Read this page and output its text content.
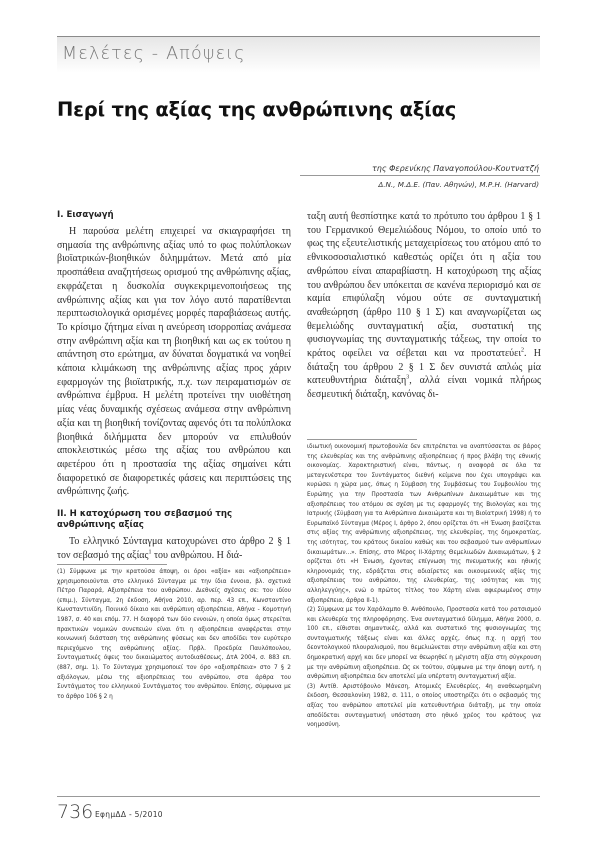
Μελέτες - Απόψεις
Περί της αξίας της ανθρώπινης αξίας
της Φερενίκης Παναγοπούλου-Κουτνατζή
Δ.Ν., Μ.Δ.Ε. (Παν. Αθηνών), Μ.Ρ.Η. (Harvard)
Ι. Εισαγωγή

Η παρούσα μελέτη επιχειρεί να σκιαγραφήσει τη σημασία της ανθρώπινης αξίας υπό το φως πολύπλοκων βιοϊατρικών-βιοηθικών διλημμάτων. Μετά από μία προσπάθεια αναζητήσεως ορισμού της ανθρώπινης αξίας, εκφράζεται η δυσκολία συγκεκριμενοποιήσεως της ανθρώπινης αξίας και για τον λόγο αυτό παρατίθενται περιπτωσιολογικά ορισμένες μορφές παραβιάσεως αυτής. Το κρίσιμο ζήτημα είναι η ανεύρεση ισορροπίας ανάμεσα στην ανθρώπινη αξία και τη βιοηθική και ως εκ τούτου η απάντηση στο ερώτημα, αν δύναται δογματικά να νοηθεί κάποια κλιμάκωση της ανθρώπινης αξίας προς χάριν εφαρμογών της βιοϊατρικής, π.χ. των πειραματισμών σε ανθρώπινα έμβρυα. Η μελέτη προτείνει την υιοθέτηση μίας νέας δυναμικής σχέσεως ανάμεσα στην ανθρώπινη αξία και τη βιοηθική τονίζοντας αφενός ότι τα πολύπλοκα βιοηθικά διλήμματα δεν μπορούν να επιλυθούν αποκλειστικώς μέσω της αξίας του ανθρώπου και αφετέρου ότι η προστασία της αξίας σημαίνει κάτι διαφορετικό σε διαφορετικές φάσεις και περιπτώσεις της ανθρώπινης ζωής.

ΙΙ. Η κατοχύρωση του σεβασμού της ανθρώπινης αξίας

Το ελληνικό Σύνταγμα κατοχυρώνει στο άρθρο 2 § 1 τον σεβασμό της αξίας$^1$ του ανθρώπου. Η διά-

ταξη αυτή θεσπίστηκε κατά το πρότυπο του άρθρου 1 § 1 του Γερμανικού Θεμελιώδους Νόμου, το οποίο υπό το φως της εξευτελιστικής μεταχειρίσεως του ατόμου από το εθνικοσοσιαλιστικό καθεστώς ορίζει ότι η αξία του ανθρώπου είναι απαραβίαστη. Η κατοχύρωση της αξίας του ανθρώπου δεν υπόκειται σε κανένα περιορισμό και σε καμία επιφύλαξη νόμου ούτε σε συνταγματική αναθεώρηση (άρθρο 110 § 1 Σ) και αναγνωρίζεται ως θεμελιώδης συνταγματική αξία, συστατική της φυσιογνωμίας της συνταγματικής τάξεως, την οποία το κράτος οφείλει να σέβεται και να προστατεύει$^2$. Η διάταξη του άρθρου 2 § 1 Σ δεν συνιστά απλώς μία κατευθυντήρια διάταξη$^3$, αλλά είναι νομικά πλήρως δεσμευτική διάταξη, κανόνας δι-

(1) Σύμφωνα με την κρατούσα άποψη, οι όροι «αξία» και «αξιοπρέπεια» χρησιμοποιούνται στο ελληνικό Σύνταγμα με την ίδια έννοια, βλ. σχετικά Πέτρο Παραρά, Αξιοπρέπεια του ανθρώπου. Διεθνείς σχέσεις σε: του ιδίου (επιμ.), Σύνταγμα, 2η έκδοση, Αθήνα 2010, αρ. περ. 43 επ., Κωνσταντίνο Κωνσταντινίδη, Ποινικό δίκαιο και ανθρώπινη αξιοπρέπεια, Αθήνα - Κομοτηνή 1987, σ. 40 και επόμ. 77. Η διαφορά των δύο εννοιών, η οποία όμως στερείται πρακτικών νομικών συνεπειών είναι ότι η αξιοπρέπεια αναφέρεται στην κοινωνική διάσταση της ανθρώπινης φύσεως και δεν αποδίδει τον ευρύτερο περιεχόμενο της ανθρώπινης αξίας. Πρβλ. Προεδρία Παυλόπουλου, Συνταγματικές όψεις του δικαιώματος αυτοδιαθέσεως, ΔτΑ 2004, σ. 883 επ. (887, σημ. 1). Το Σύνταγμα χρησιμοποιεί τον όρο «αξιοπρέπεια» στο 7 § 2 αξιόλογων, μέσω της αξιοπρέπειας του ανθρώπου, στα άρθρα του Συντάγματος του ελληνικού Συντάγματος του ανθρώπου. Επίσης, σύμφωνα με το άρθρο 106 § 2 η

ιδιωτική οικονομική πρωτοβουλία δεν επιτρέπεται να αναπτύσσεται σε βάρος της ελευθερίας και της ανθρώπινης αξιοπρέπειας ή προς βλάβη της εθνικής οικονομίας. Χαρακτηριστική είναι, πάντως, η αναφορά σε όλα τα μεταγενέστερα του Συντάγματος διεθνή κείμενα που έχει υπογράψει και κυρώσει η χώρα μας, όπως η Σύμβαση της Συμβάσεως του Συμβουλίου της Ευρώπης για την Προστασία των Ανθρωπίνων Δικαιωμάτων και της αξιοπρέπειας του ατόμου σε σχέση με τις εφαρμογές της Βιολογίας και της Ιατρικής (Σύμβαση για τα Ανθρώπινα Δικαιώματα και τη Βιοϊατρική 1998) ή το Ευρωπαϊκό Σύνταγμα (Μέρος Ι, άρθρο 2, όπου ορίζεται ότι «Η Ένωση βασίζεται στις αξίας της ανθρώπινης αξιοπρέπειας, της ελευθερίας, της δημοκρατίας, της ισότητας, του κράτους δικαίου καθώς και του σεβασμού των ανθρωπίνων δικαιωμάτων...». Επίσης, στο Μέρος ΙΙ-Χάρτης Θεμελιωδών Δικαιωμάτων, § 2 ορίζεται ότι «Η Ένωση, έχοντας επίγνωση της πνευματικής και ηθικής κληρονομιάς της, εδράζεται στις αδιαίρετες και οικουμενικές αξίες της αξιοπρέπειας του ανθρώπου, της ελευθερίας, της ισότητας και της αλληλεγγύης», ενώ ο πρώτος τίτλος του Χάρτη είναι αφιερωμένος στην αξιοπρέπεια, άρθρα ΙΙ-1).

(2) Σύμφωνα με τον Χαράλαμπο Θ. Ανθόπουλο, Προστασία κατά του ρατσισμού και ελευθερία της πληροφόρησης. Ένα συνταγματικό δίλημμα, Αθήνα 2000, σ. 100 επ., είθισται σημαντικές, αλλά και συστατικό της φυσιογνωμίας της συνταγματικής τάξεως είναι και άλλες αρχές, όπως π.χ. η αρχή του δεοντολογικού πλουραλισμού, που θεμελιώνεται στην ανθρώπινη αξία και στη δημοκρατική αρχή και δεν μπορεί να θεωρηθεί η μέγιστη αξία στη σύγκρουση με την ανθρώπινη αξιοπρέπεια. Ως εκ τούτου, σύμφωνα με την άποψη αυτή, η ανθρώπινη αξιοπρέπεια δεν αποτελεί μία υπέρτατη συνταγματική αξία.

(3) Αντίθ. Αριστόβουλο Μάνεση, Ατομικές Ελευθερίες, 4η αναθεωρημένη έκδοση, Θεσσαλονίκη 1982, σ. 111, ο οποίος υποστηρίζει ότι ο σεβασμός της αξίας του ανθρώπου αποτελεί μία κατευθυντήρια διάταξη, με την οποία αποδίδεται συνταγματική υπόσταση στο ηθικό χρέος του κράτους για νοημοσύνη.

736 ΕφημΔΔ - 5/2010
